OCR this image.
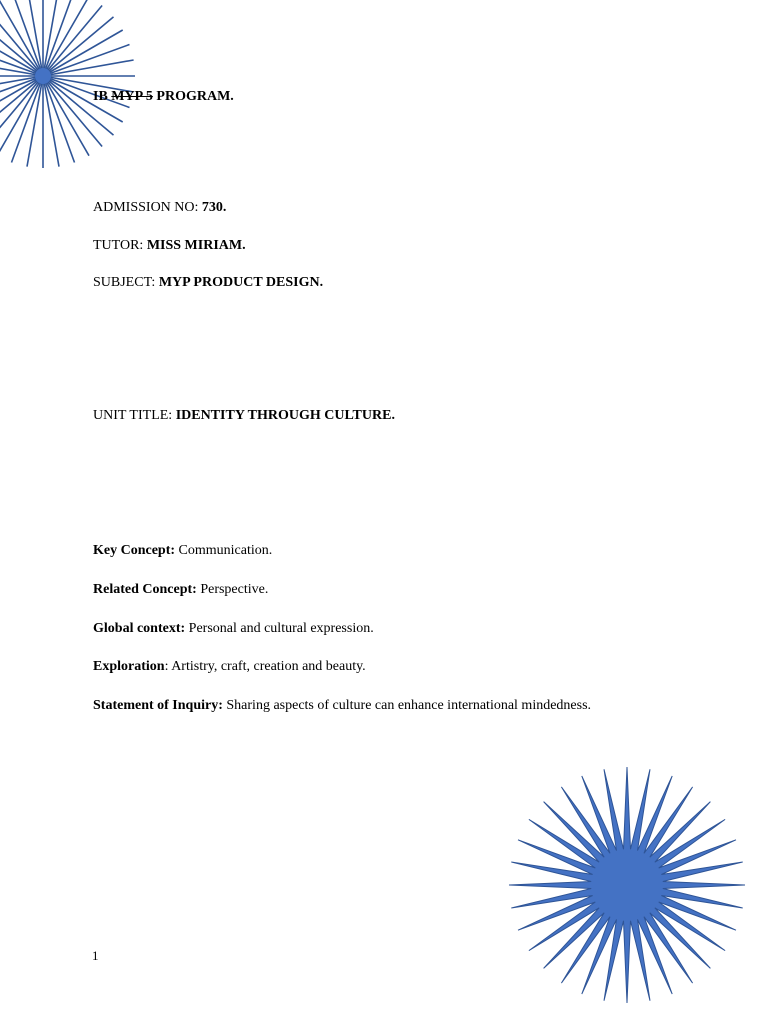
IB MYP 5 PROGRAM.
ADMISSION NO: 730.
TUTOR: MISS MIRIAM.
SUBJECT: MYP PRODUCT DESIGN.
UNIT TITLE: IDENTITY THROUGH CULTURE.
Key Concept: Communication.
Related Concept: Perspective.
Global context: Personal and cultural expression.
Exploration: Artistry, craft, creation and beauty.
Statement of Inquiry: Sharing aspects of culture can enhance international mindedness.
1
